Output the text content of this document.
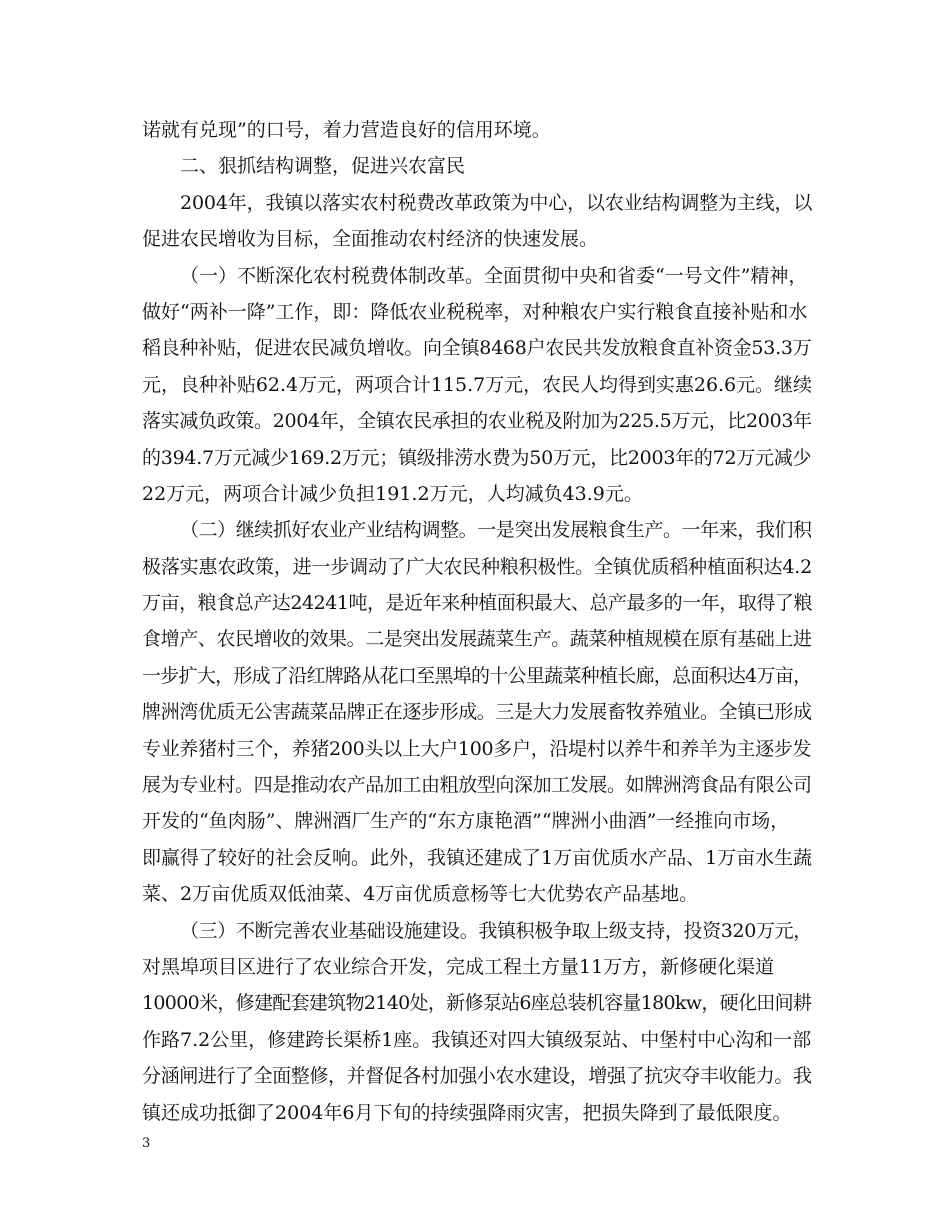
诺就有兑现”的口号，着力营造良好的信用环境。
二、狠抓结构调整，促进兴农富民
2004年，我镇以落实农村税费改革政策为中心，以农业结构调整为主线，以
促进农民增收为目标，全面推动农村经济的快速发展。
（一）不断深化农村税费体制改革。全面贯彻中央和省委“一号文件”精神，
做好“两补一降”工作，即：降低农业税税率，对种粮农户实行粮食直接补贴和水
稻良种补贴，促进农民减负增收。向全镇8468户农民共发放粮食直补资金53.3万
元，良种补贴62.4万元，两项合计115.7万元，农民人均得到实惠26.6元。继续
落实减负政策。2004年，全镇农民承担的农业税及附加为225.5万元，比2003年
的394.7万元减少169.2万元；镇级排涝水费为50万元，比2003年的72万元减少
22万元，两项合计减少负担191.2万元，人均减负43.9元。
（二）继续抓好农业产业结构调整。一是突出发展粮食生产。一年来，我们积
极落实惠农政策，进一步调动了广大农民种粮积极性。全镇优质稻种植面积达4.2
万亩，粮食总产达24241吨，是近年来种植面积最大、总产最多的一年，取得了粮
食增产、农民增收的效果。二是突出发展蔬菜生产。蔬菜种植规模在原有基础上进
一步扩大，形成了沿红牌路从花口至黑埠的十公里蔬菜种植长廊，总面积达4万亩，
牌洲湾优质无公害蔬菜品牌正在逐步形成。三是大力发展畜牧养殖业。全镇已形成
专业养猪村三个，养猪200头以上大户100多户，沿堤村以养牛和养羊为主逐步发
展为专业村。四是推动农产品加工由粗放型向深加工发展。如牌洲湾食品有限公司
开发的“鱼肉肠”、牌洲酒厂生产的“东方康艳酒”“牌洲小曲酒”一经推向市场，
即赢得了较好的社会反响。此外，我镇还建成了1万亩优质水产品、1万亩水生蔬
菜、2万亩优质双低油菜、4万亩优质意杨等七大优势农产品基地。
（三）不断完善农业基础设施建设。我镇积极争取上级支持，投资320万元，
对黑埠项目区进行了农业综合开发，完成工程土方量11万方，新修硬化渠道
10000米，修建配套建筑物2140处，新修泵站6座总装机容量180kw，硬化田间耕
作路7.2公里，修建跨长渠桥1座。我镇还对四大镇级泵站、中堡村中心沟和一部
分涵闸进行了全面整修，并督促各村加强小农水建设，增强了抗灾夺丰收能力。我
镇还成功抵御了2004年6月下旬的持续强降雨灾害，把损失降到了最低限度。
3
